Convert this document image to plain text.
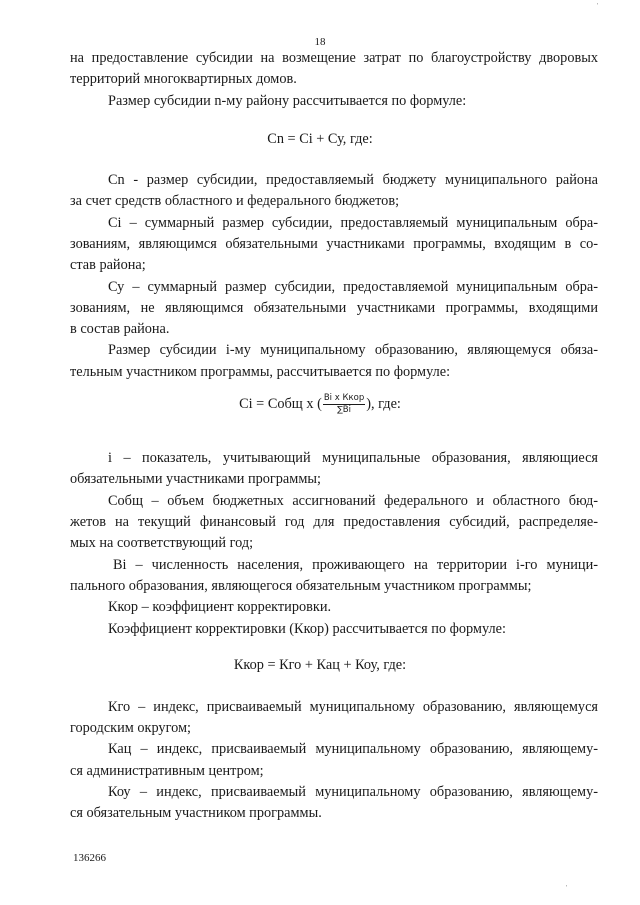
18
'
'
на предоставление субсидии на возмещение затрат по благоустройству дворовых
территорий многоквартирных домов.
Размер субсидии n-му району рассчитывается по формуле:
Сn = Сi + Су, где:
Сn - размер субсидии, предоставляемый бюджету муниципального района
за счет средств областного и федерального бюджетов;
Сi – суммарный размер субсидии, предоставляемый муниципальным обра-
зованиям, являющимся обязательными участниками программы, входящим в со-
став района;
Су – суммарный размер субсидии, предоставляемой муниципальным обра-
зованиям, не являющимся обязательными участниками программы, входящими
в состав района.
Размер субсидии i-му муниципальному образованию, являющемуся обяза-
тельным участником программы, рассчитывается по формуле:
Сi = Собщ х ( $\frac{\text{Bi x Ккор}}{\sum Bi}$ ), где:
i – показатель, учитывающий муниципальные образования, являющиеся
обязательными участниками программы;
Собщ – объем бюджетных ассигнований федерального и областного бюд-
жетов на текущий финансовый год для предоставления субсидий, распределяе-
мых на соответствующий год;
Bi – численность населения, проживающего на территории i-го муници-
пального образования, являющегося обязательным участником программы;
Ккор – коэффициент корректировки.
Коэффициент корректировки (Ккор) рассчитывается по формуле:
Ккор = Кго + Кац + Коу, где:
Кго – индекс, присваиваемый муниципальному образованию, являющемуся
городским округом;
Кац – индекс, присваиваемый муниципальному образованию, являющему-
ся административным центром;
Коу – индекс, присваиваемый муниципальному образованию, являющему-
ся обязательным участником программы.
136266
